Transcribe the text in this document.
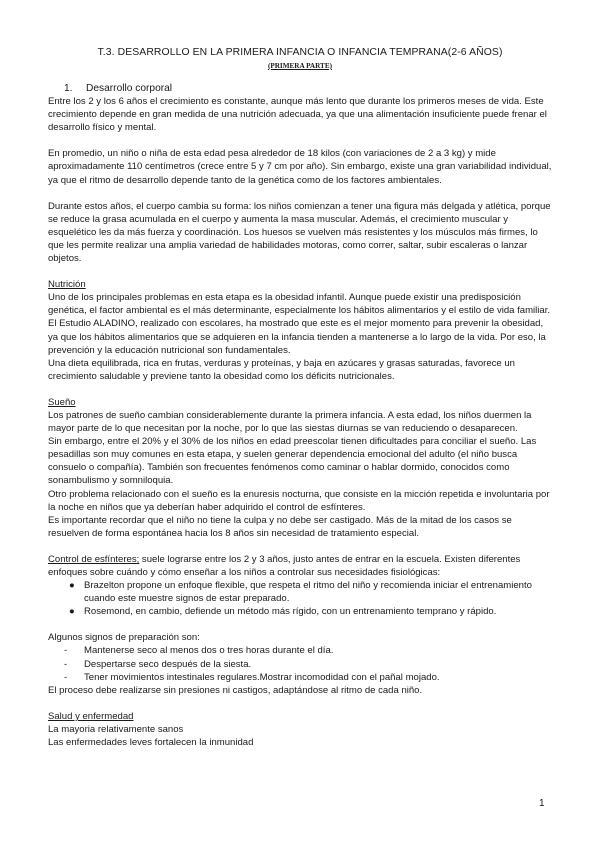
T.3. DESARROLLO EN LA PRIMERA INFANCIA O INFANCIA TEMPRANA(2-6 AÑOS)
(PRIMERA PARTE)

1. Desarrollo corporal

Entre los 2 y los 6 años el crecimiento es constante, aunque más lento que durante los primeros meses de vida. Este crecimiento depende en gran medida de una nutrición adecuada, ya que una alimentación insuficiente puede frenar el desarrollo físico y mental.

En promedio, un niño o niña de esta edad pesa alrededor de 18 kilos (con variaciones de 2 a 3 kg) y mide aproximadamente 110 centímetros (crece entre 5 y 7 cm por año). Sin embargo, existe una gran variabilidad individual, ya que el ritmo de desarrollo depende tanto de la genética como de los factores ambientales.

Durante estos años, el cuerpo cambia su forma: los niños comienzan a tener una figura más delgada y atlética, porque se reduce la grasa acumulada en el cuerpo y aumenta la masa muscular. Además, el crecimiento muscular y esquelético les da más fuerza y coordinación. Los huesos se vuelven más resistentes y los músculos más firmes, lo que les permite realizar una amplia variedad de habilidades motoras, como correr, saltar, subir escaleras o lanzar objetos.

Nutrición

Uno de los principales problemas en esta etapa es la obesidad infantil. Aunque puede existir una predisposición genética, el factor ambiental es el más determinante, especialmente los hábitos alimentarios y el estilo de vida familiar.

El Estudio ALADINO, realizado con escolares, ha mostrado que este es el mejor momento para prevenir la obesidad, ya que los hábitos alimentarios que se adquieren en la infancia tienden a mantenerse a lo largo de la vida. Por eso, la prevención y la educación nutricional son fundamentales.

Una dieta equilibrada, rica en frutas, verduras y proteínas, y baja en azúcares y grasas saturadas, favorece un crecimiento saludable y previene tanto la obesidad como los déficits nutricionales.

Sueño

Los patrones de sueño cambian considerablemente durante la primera infancia. A esta edad, los niños duermen la mayor parte de lo que necesitan por la noche, por lo que las siestas diurnas se van reduciendo o desaparecen.

Sin embargo, entre el 20% y el 30% de los niños en edad preescolar tienen dificultades para conciliar el sueño. Las pesadillas son muy comunes en esta etapa, y suelen generar dependencia emocional del adulto (el niño busca consuelo o compañía). También son frecuentes fenómenos como caminar o hablar dormido, conocidos como sonambulismo y somniloquia.

Otro problema relacionado con el sueño es la enuresis nocturna, que consiste en la micción repetida e involuntaria por la noche en niños que ya deberían haber adquirido el control de esfínteres.

Es importante recordar que el niño no tiene la culpa y no debe ser castigado. Más de la mitad de los casos se resuelven de forma espontánea hacia los 8 años sin necesidad de tratamiento especial.

Control de esfínteres; suele lograrse entre los 2 y 3 años, justo antes de entrar en la escuela. Existen diferentes enfoques sobre cuándo y cómo enseñar a los niños a controlar sus necesidades fisiológicas:

● Brazelton propone un enfoque flexible, que respeta el ritmo del niño y recomienda iniciar el entrenamiento cuando este muestre signos de estar preparado.
● Rosemond, en cambio, defiende un método más rígido, con un entrenamiento temprano y rápido.

Algunos signos de preparación son:

- Mantenerse seco al menos dos o tres horas durante el día.
- Despertarse seco después de la siesta.
- Tener movimientos intestinales regulares.Mostrar incomodidad con el pañal mojado.

El proceso debe realizarse sin presiones ni castigos, adaptándose al ritmo de cada niño.

Salud y enfermedad

La mayoria relativamente sanos

Las enfermedades leves fortalecen la inmunidad

1
